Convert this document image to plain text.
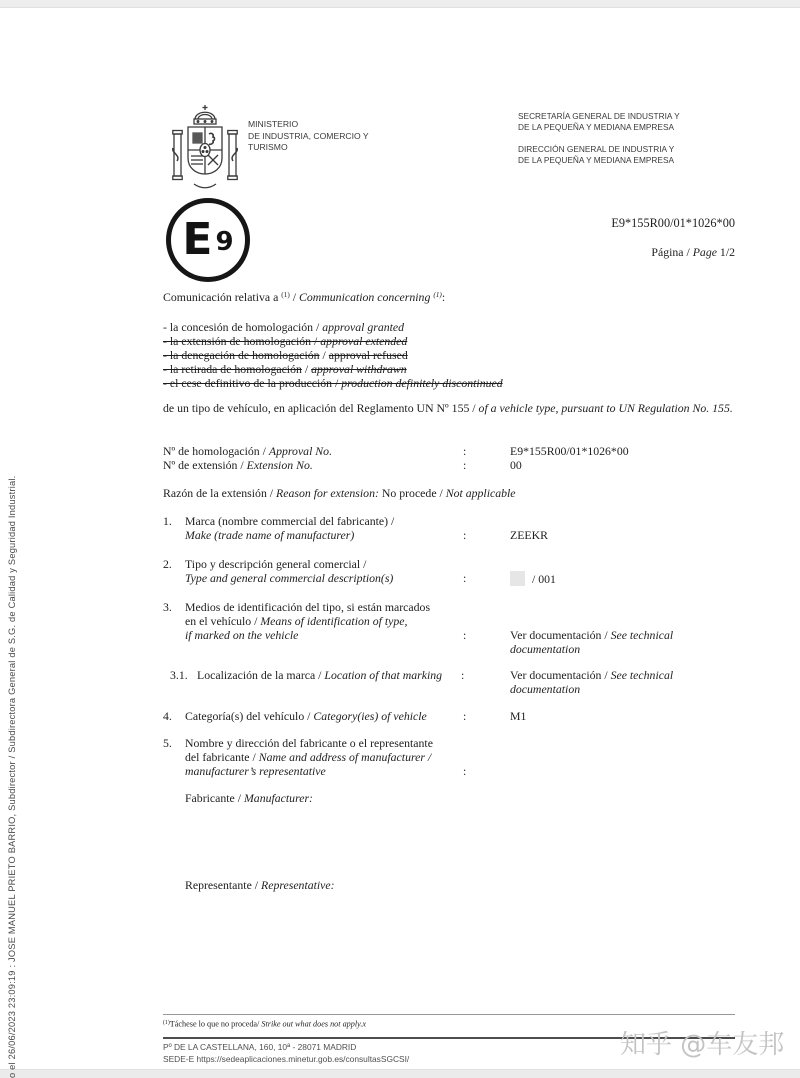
o el 26/06/2023 23:09:19 : JOSE MANUEL PRIETO BARRIO, Subdirector / Subdirectora General de S.G. de Calidad y Seguridad Industrial.
MINISTERIO
DE INDUSTRIA, COMERCIO Y
TURISMO
SECRETARÍA GENERAL DE INDUSTRIA Y
DE LA PEQUEÑA Y MEDIANA EMPRESA
DIRECCIÓN GENERAL DE INDUSTRIA Y
DE LA PEQUEÑA Y MEDIANA EMPRESA
E 9
E9*155R00/01*1026*00
Página / Page 1/2
Comunicación relativa a $^{(1)}$ / Communication concerning $^{(1)}$:
- la concesión de homologación / approval granted
- la extensión de homologación / approval extended
- la denegación de homologación / approval refused
- la retirada de homologación / approval withdrawn
- el cese definitivo de la producción / production definitely discontinued
de un tipo de vehículo, en aplicación del Reglamento UN Nº 155 / of a vehicle type, pursuant to UN Regulation No. 155.
Nº de homologación / Approval No.	:	E9*155R00/01*1026*00
Nº de extensión / Extension No.	:	00
Razón de la extensión / Reason for extension: No procede / Not applicable
1. Marca (nombre commercial del fabricante) /
Make (trade name of manufacturer)	:	ZEEKR
2. Tipo y descripción general comercial /
Type and general commercial description(s)	:	/ 001
3. Medios de identificación del tipo, si están marcados
en el vehículo / Means of identification of type,
if marked on the vehicle	:	Ver documentación / See technical
documentation
3.1. Localización de la marca / Location of that marking :	Ver documentación / See technical
documentation
4. Categoría(s) del vehículo / Category(ies) of vehicle	:	M1
5. Nombre y dirección del fabricante o el representante
del fabricante / Name and address of manufacturer /
manufacturer’s representative	:
Fabricante / Manufacturer:
Representante / Representative:
$^{(1)}$Táchese lo que no proceda/ Strike out what does not apply.x
Pº DE LA CASTELLANA, 160, 10ª - 28071 MADRID
SEDE-E https://sedeaplicaciones.minetur.gob.es/consultasSGCSI/	知乎 @车友邦
